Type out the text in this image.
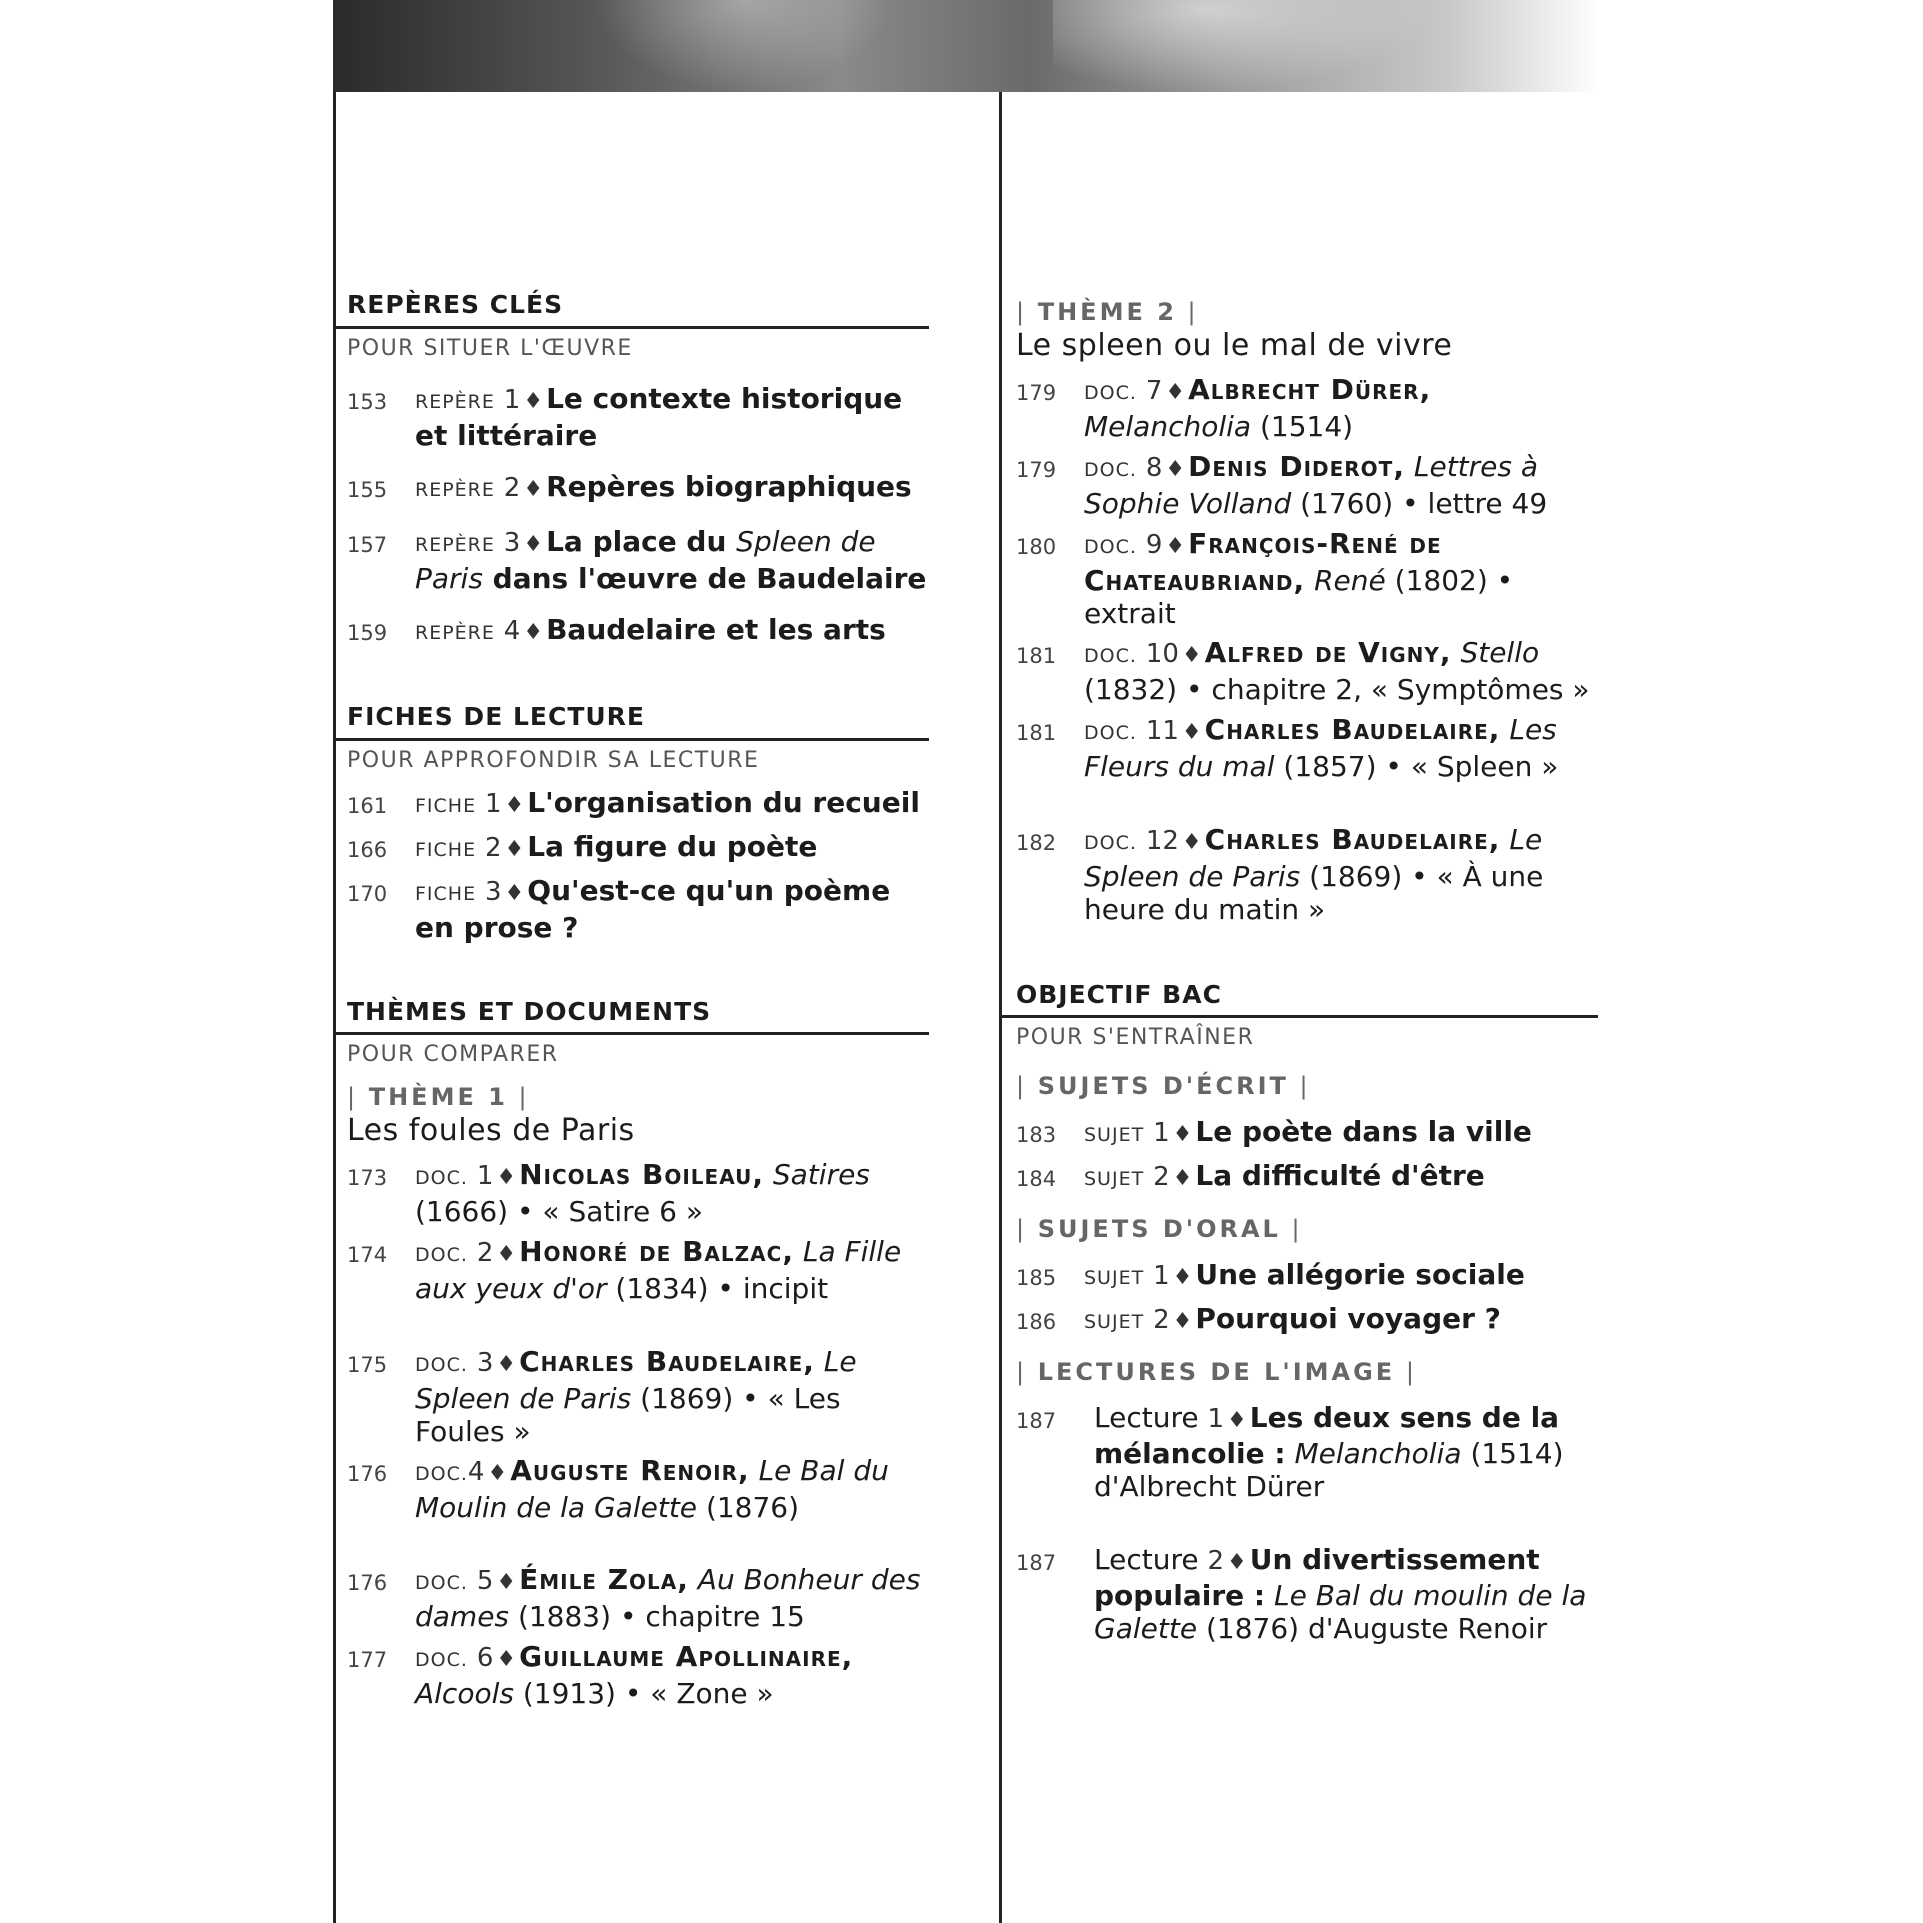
REPÈRES CLÉS
POUR SITUER L'ŒUVRE
153 REPÈRE 1 ♦ Le contexte historique et littéraire
155 REPÈRE 2 ♦ Repères biographiques
157 REPÈRE 3 ♦ La place du Spleen de Paris dans l'œuvre de Baudelaire
159 REPÈRE 4 ♦ Baudelaire et les arts
FICHES DE LECTURE
POUR APPROFONDIR SA LECTURE
161 FICHE 1 ♦ L'organisation du recueil
166 FICHE 2 ♦ La figure du poète
170 FICHE 3 ♦ Qu'est-ce qu'un poème en prose ?
THÈMES ET DOCUMENTS
POUR COMPARER
| THÈME 1 |
Les foules de Paris
173 DOC. 1 ♦ Nicolas Boileau, Satires (1666) • « Satire 6 »
174 DOC. 2 ♦ Honoré de Balzac, La Fille aux yeux d'or (1834) • incipit
175 DOC. 3 ♦ Charles Baudelaire, Le Spleen de Paris (1869) • « Les Foules »
176 DOC.4 ♦ Auguste Renoir, Le Bal du Moulin de la Galette (1876)
176 DOC. 5 ♦ Émile Zola, Au Bonheur des dames (1883) • chapitre 15
177 DOC. 6 ♦ Guillaume Apollinaire, Alcools (1913) • « Zone »
| THÈME 2 |
Le spleen ou le mal de vivre
179 DOC. 7 ♦ Albrecht Dürer, Melancholia (1514)
179 DOC. 8 ♦ Denis Diderot, Lettres à Sophie Volland (1760) • lettre 49
180 DOC. 9 ♦ François-René de Chateaubriand, René (1802) • extrait
181 DOC. 10 ♦ Alfred de Vigny, Stello (1832) • chapitre 2, « Symptômes »
181 DOC. 11 ♦ Charles Baudelaire, Les Fleurs du mal (1857) • « Spleen »
182 DOC. 12 ♦ Charles Baudelaire, Le Spleen de Paris (1869) • « À une heure du matin »
OBJECTIF BAC
POUR S'ENTRAÎNER
| SUJETS D'ÉCRIT |
183 SUJET 1 ♦ Le poète dans la ville
184 SUJET 2 ♦ La difficulté d'être
| SUJETS D'ORAL |
185 SUJET 1 ♦ Une allégorie sociale
186 SUJET 2 ♦ Pourquoi voyager ?
| LECTURES DE L'IMAGE |
187 Lecture 1 ♦ Les deux sens de la mélancolie : Melancholia (1514) d'Albrecht Dürer
187 Lecture 2 ♦ Un divertissement populaire : Le Bal du moulin de la Galette (1876) d'Auguste Renoir
